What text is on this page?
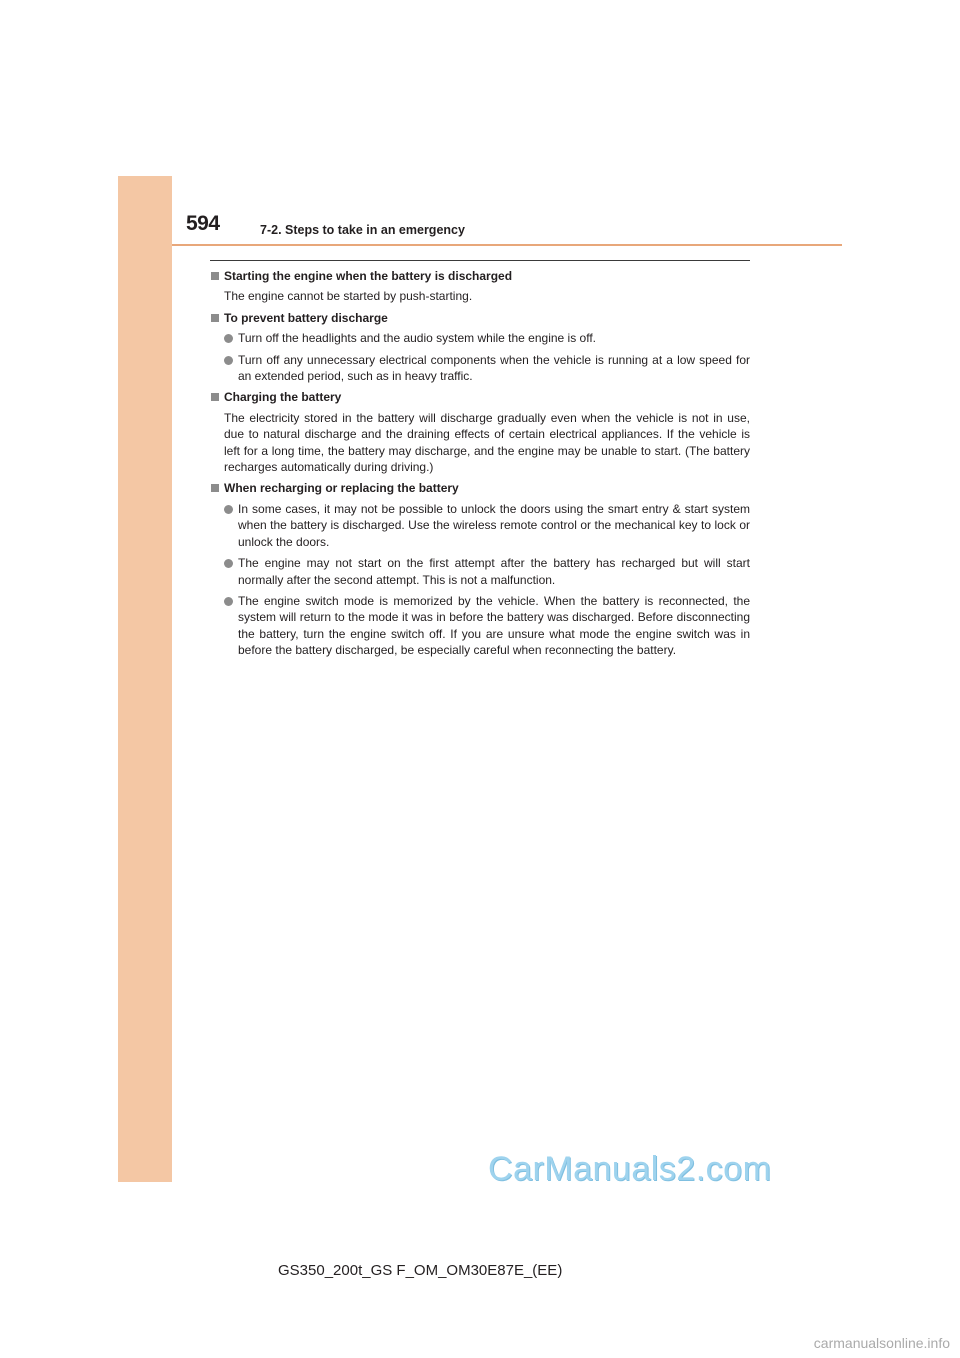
594	7-2. Steps to take in an emergency
Starting the engine when the battery is discharged
The engine cannot be started by push-starting.
To prevent battery discharge
Turn off the headlights and the audio system while the engine is off.
Turn off any unnecessary electrical components when the vehicle is running at a low speed for an extended period, such as in heavy traffic.
Charging the battery
The electricity stored in the battery will discharge gradually even when the vehicle is not in use, due to natural discharge and the draining effects of certain electrical appliances. If the vehicle is left for a long time, the battery may discharge, and the engine may be unable to start. (The battery recharges automatically during driving.)
When recharging or replacing the battery
In some cases, it may not be possible to unlock the doors using the smart entry & start system when the battery is discharged. Use the wireless remote control or the mechanical key to lock or unlock the doors.
The engine may not start on the first attempt after the battery has recharged but will start normally after the second attempt. This is not a malfunction.
The engine switch mode is memorized by the vehicle. When the battery is reconnected, the system will return to the mode it was in before the battery was discharged. Before disconnecting the battery, turn the engine switch off. If you are unsure what mode the engine switch was in before the battery discharged, be especially careful when reconnecting the battery.
CarManuals2.com
GS350_200t_GS F_OM_OM30E87E_(EE)
carmanualsonline.info
